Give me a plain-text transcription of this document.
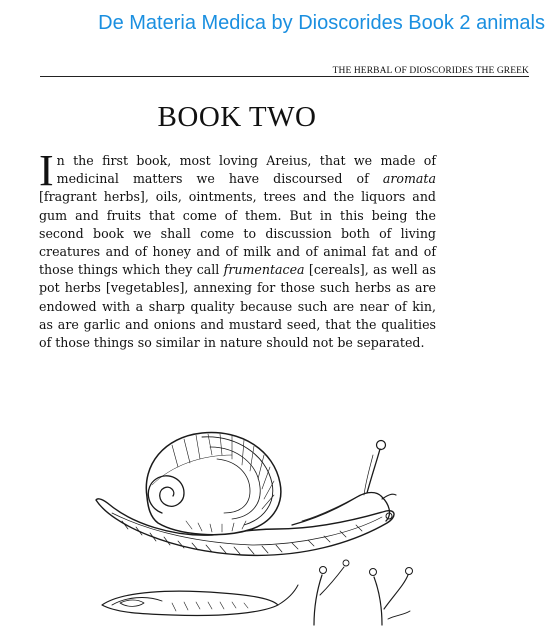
De Materia Medica by Dioscorides Book 2 animals
THE HERBAL OF DIOSCORIDES THE GREEK
BOOK TWO
In the first book, most loving Areius, that we made of medicinal matters we have discoursed of aromata [fragrant herbs], oils, ointments, trees and the liquors and gum and fruits that come of them. But in this being the second book we shall come to discussion both of living creatures and of honey and of milk and of animal fat and of those things which they call frumentacea [cereals], as well as pot herbs [vegetables], annexing for those such herbs as are endowed with a sharp quality because such are near of kin, as are garlic and onions and mustard seed, that the qualities of those things so similar in nature should not be separated.
